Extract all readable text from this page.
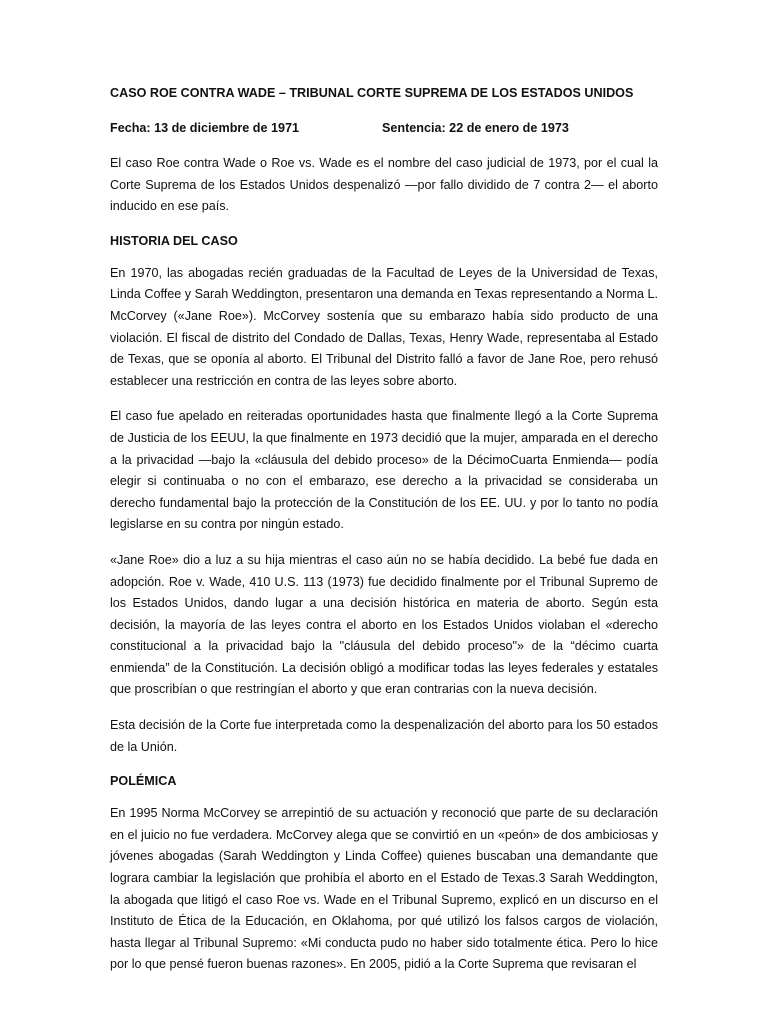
CASO ROE CONTRA WADE – TRIBUNAL CORTE SUPREMA DE LOS ESTADOS UNIDOS
Fecha: 13 de diciembre de 1971	Sentencia: 22 de enero de 1973

El caso Roe contra Wade o Roe vs. Wade es el nombre del caso judicial de 1973, por el cual la Corte Suprema de los Estados Unidos despenalizó —por fallo dividido de 7 contra 2— el aborto inducido en ese país.

HISTORIA DEL CASO

En 1970, las abogadas recién graduadas de la Facultad de Leyes de la Universidad de Texas, Linda Coffee y Sarah Weddington, presentaron una demanda en Texas representando a Norma L. McCorvey («Jane Roe»). McCorvey sostenía que su embarazo había sido producto de una violación. El fiscal de distrito del Condado de Dallas, Texas, Henry Wade, representaba al Estado de Texas, que se oponía al aborto. El Tribunal del Distrito falló a favor de Jane Roe, pero rehusó establecer una restricción en contra de las leyes sobre aborto.

El caso fue apelado en reiteradas oportunidades hasta que finalmente llegó a la Corte Suprema de Justicia de los EEUU, la que finalmente en 1973 decidió que la mujer, amparada en el derecho a la privacidad —bajo la «cláusula del debido proceso» de la DécimoCuarta Enmienda— podía elegir si continuaba o no con el embarazo, ese derecho a la privacidad se consideraba un derecho fundamental bajo la protección de la Constitución de los EE. UU. y por lo tanto no podía legislarse en su contra por ningún estado.

«Jane Roe» dio a luz a su hija mientras el caso aún no se había decidido. La bebé fue dada en adopción. Roe v. Wade, 410 U.S. 113 (1973) fue decidido finalmente por el Tribunal Supremo de los Estados Unidos, dando lugar a una decisión histórica en materia de aborto. Según esta decisión, la mayoría de las leyes contra el aborto en los Estados Unidos violaban el «derecho constitucional a la privacidad bajo la "cláusula del debido proceso"» de la “décimo cuarta enmienda” de la Constitución. La decisión obligó a modificar todas las leyes federales y estatales que proscribían o que restringían el aborto y que eran contrarias con la nueva decisión.

Esta decisión de la Corte fue interpretada como la despenalización del aborto para los 50 estados de la Unión.

POLÉMICA

En 1995 Norma McCorvey se arrepintió de su actuación y reconoció que parte de su declaración en el juicio no fue verdadera. McCorvey alega que se convirtió en un «peón» de dos ambiciosas y jóvenes abogadas (Sarah Weddington y Linda Coffee) quienes buscaban una demandante que lograra cambiar la legislación que prohibía el aborto en el Estado de Texas.3 Sarah Weddington, la abogada que litigó el caso Roe vs. Wade en el Tribunal Supremo, explicó en un discurso en el Instituto de Ética de la Educación, en Oklahoma, por qué utilizó los falsos cargos de violación, hasta llegar al Tribunal Supremo: «Mi conducta pudo no haber sido totalmente ética. Pero lo hice por lo que pensé fueron buenas razones». En 2005, pidió a la Corte Suprema que revisaran el
